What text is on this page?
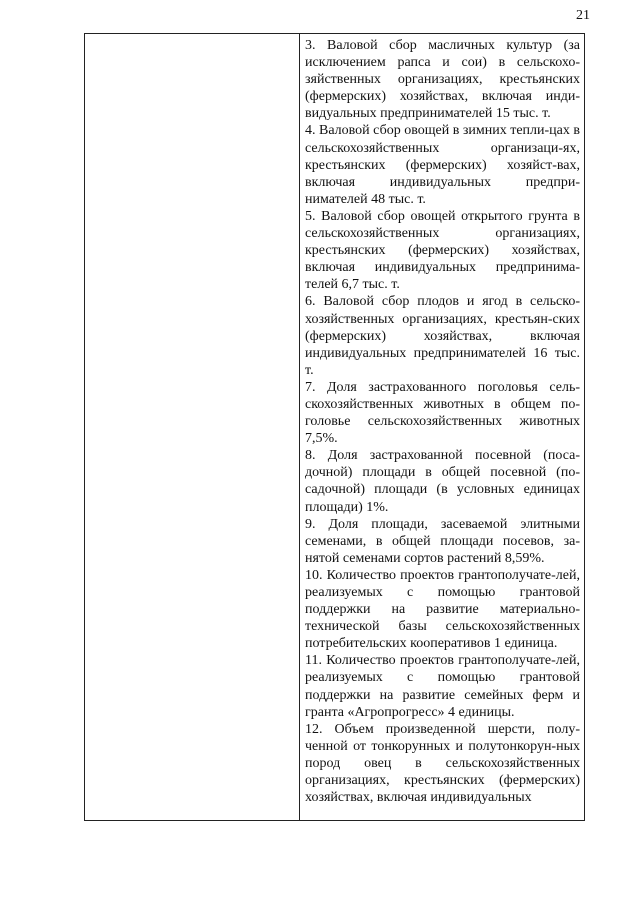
21

3. Валовой сбор масличных культур (за исключением рапса и сои) в сельскохо-зяйственных организациях, крестьянских (фермерских) хозяйствах, включая инди-видуальных предпринимателей 15 тыс. т.

4. Валовой сбор овощей в зимних тепли-цах в сельскохозяйственных организаци-ях, крестьянских (фермерских) хозяйст-вах, включая индивидуальных предпри-нимателей 48 тыс. т.

5. Валовой сбор овощей открытого грунта в сельскохозяйственных организациях, крестьянских (фермерских) хозяйствах, включая индивидуальных предпринима-телей 6,7 тыс. т.

6. Валовой сбор плодов и ягод в сельско-хозяйственных организациях, крестьян-ских (фермерских) хозяйствах, включая индивидуальных предпринимателей 16 тыс. т.

7. Доля застрахованного поголовья сель-скохозяйственных животных в общем по-головье сельскохозяйственных животных 7,5%.

8. Доля застрахованной посевной (поса-дочной) площади в общей посевной (по-садочной) площади (в условных единицах площади) 1%.

9. Доля площади, засеваемой элитными семенами, в общей площади посевов, за-нятой семенами сортов растений 8,59%.

10. Количество проектов грантополучате-лей, реализуемых с помощью грантовой поддержки на развитие материально-технической базы сельскохозяйственных потребительских кооперативов 1 единица.

11. Количество проектов грантополучате-лей, реализуемых с помощью грантовой поддержки на развитие семейных ферм и гранта «Агропрогресс» 4 единицы.

12. Объем произведенной шерсти, полу-ченной от тонкорунных и полутонкорун-ных пород овец в сельскохозяйственных организациях, крестьянских (фермерских) хозяйствах, включая индивидуальных
